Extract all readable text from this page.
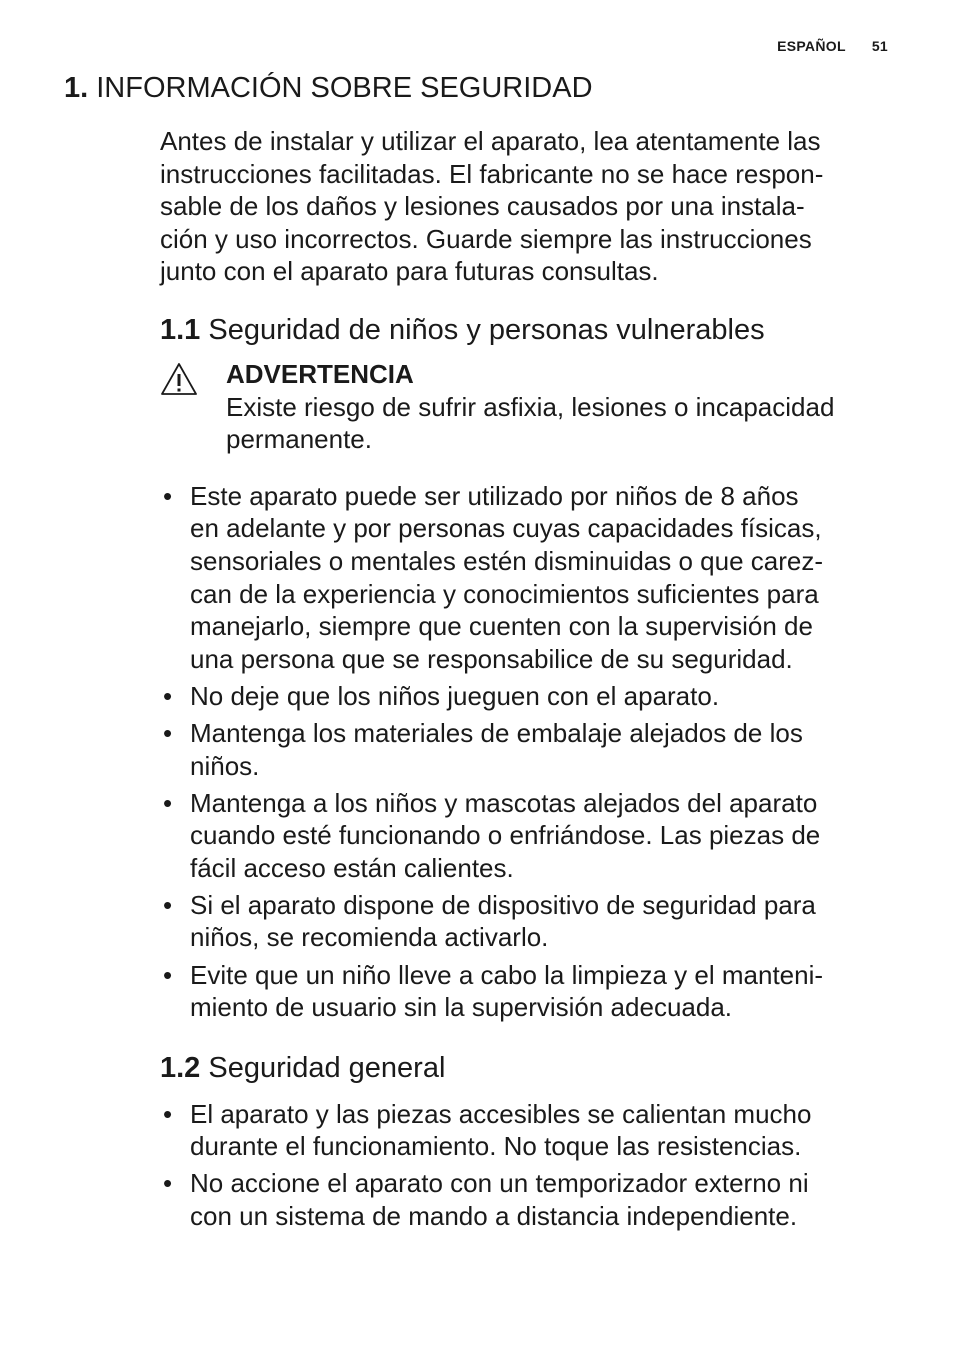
ESPAÑOL 51
1. INFORMACIÓN SOBRE SEGURIDAD

Antes de instalar y utilizar el aparato, lea atentamente las
instrucciones facilitadas. El fabricante no se hace respon-
sable de los daños y lesiones causados por una instala-
ción y uso incorrectos. Guarde siempre las instrucciones
junto con el aparato para futuras consultas.

1.1 Seguridad de niños y personas vulnerables
ADVERTENCIA
Existe riesgo de sufrir asfixia, lesiones o incapacidad
permanente.
• Este aparato puede ser utilizado por niños de 8 años
en adelante y por personas cuyas capacidades físicas,
sensoriales o mentales estén disminuidas o que carez-
can de la experiencia y conocimientos suficientes para
manejarlo, siempre que cuenten con la supervisión de
una persona que se responsabilice de su seguridad.
• No deje que los niños jueguen con el aparato.
• Mantenga los materiales de embalaje alejados de los
niños.
• Mantenga a los niños y mascotas alejados del aparato
cuando esté funcionando o enfriándose. Las piezas de
fácil acceso están calientes.
• Si el aparato dispone de dispositivo de seguridad para
niños, se recomienda activarlo.
• Evite que un niño lleve a cabo la limpieza y el manteni-
miento de usuario sin la supervisión adecuada.
1.2 Seguridad general
• El aparato y las piezas accesibles se calientan mucho
durante el funcionamiento. No toque las resistencias.
• No accione el aparato con un temporizador externo ni
con un sistema de mando a distancia independiente.
